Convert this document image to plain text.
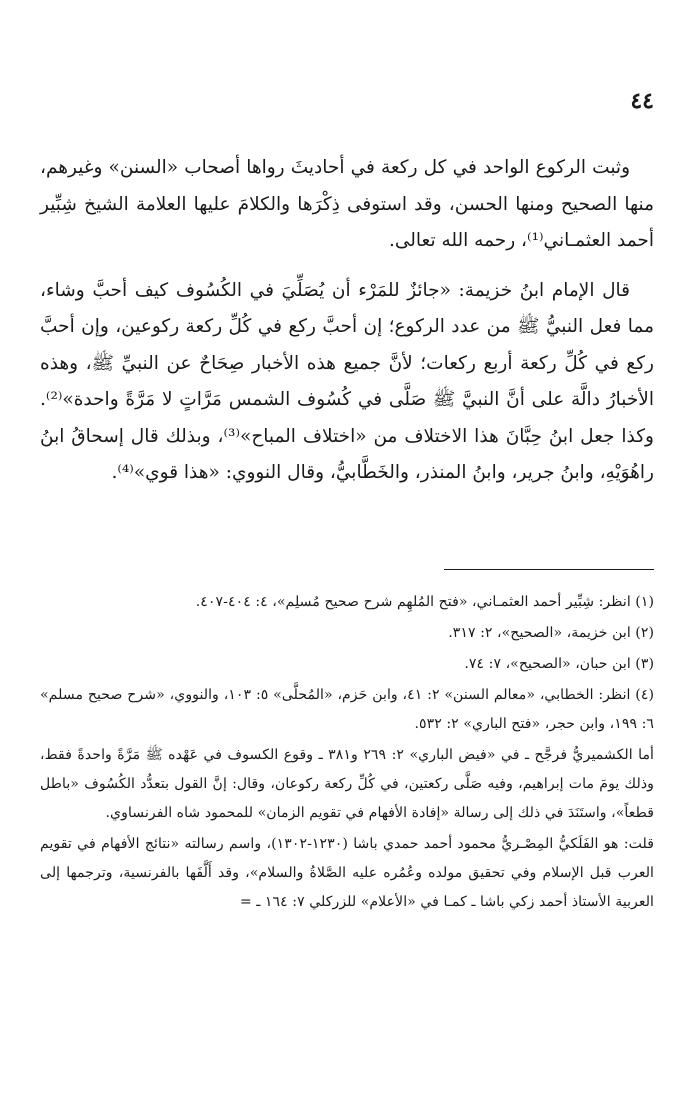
٤٤

وثبت الركوع الواحد في كل ركعة في أحاديثَ رواها أصحاب «السنن» وغيرهم، منها الصحيح ومنها الحسن، وقد استوفى ذِكْرَها والكلامَ عليها العلامة الشيخ شِبِّير أحمد العثمـاني⁽¹⁾، رحمه الله تعالى.

قال الإمام ابنُ خزيمة: «جائزٌ للمَرْء أن يُصَلِّيَ في الكُسُوف كيف أحبَّ وشاء، مما فعل النبيُّ ﷺ من عدد الركوع؛ إن أحبَّ ركع في كُلِّ ركعة ركوعين، وإن أحبَّ ركع في كُلِّ ركعة أربع ركعات؛ لأنَّ جميع هذه الأخبار صِحَاحٌ عن النبيِّ ﷺ، وهذه الأخبارُ دالَّة على أنَّ النبيَّ ﷺ صَلَّى في كُسُوف الشمس مَرَّاتٍ لا مَرَّةً واحدة»⁽²⁾. وكذا جعل ابنُ حِبَّانَ هذا الاختلاف من «اختلاف المباح»⁽³⁾، وبذلك قال إسحاقُ ابنُ راهُوَيْهِ، وابنُ جرير، وابنُ المنذر، والخَطَّابيُّ، وقال النووي: «هذا قوي»⁽⁴⁾.

(١) انظر: شِبِّير أحمد العثمـاني، «فتح المُلهِم شرح صحيح مُسلِم»، ٤: ٤٠٤-٤٠٧.

(٢) ابن خزيمة، «الصحيح»، ٢: ٣١٧.

(٣) ابن حبان، «الصحيح»، ٧: ٧٤.

(٤) انظر: الخطابي، «معالم السنن» ٢: ٤١، وابن حَزم، «المُحلَّى» ٥: ١٠٣، والنووي، «شرح صحيح مسلم» ٦: ١٩٩، وابن حجر، «فتح الباري» ٢: ٥٣٢.

أما الكشميريُّ فرجَّح ـ في «فيض الباري» ٢: ٢٦٩ و٣٨١ ـ وقوع الكسوف في عَهْده ﷺ مَرَّةً واحدةً فقط، وذلك يومَ مات إبراهيم، وفيه صَلَّى ركعتين، في كُلِّ ركعة ركوعان، وقال: إنَّ القول بتعدُّد الكُسُوف «باطل قطعاً»، واستَنَدَ في ذلك إلى رسالة «إفادة الأفهام في تقويم الزمان» للمحمود شاه الفرنساوي.

قلت: هو الفَلَكيُّ المِصْـريُّ محمود أحمد حمدي باشا (١٢٣٠-١٣٠٢)، واسم رسالته «نتائج الأفهام في تقويم العرب قبل الإسلام وفي تحقيق مولده وعُمُره عليه الصَّلاةُ والسلام»، وقد أَلَّفَها بالفرنسية، وترجمها إلى العربية الأستاذ أحمد زكي باشا ـ كمـا في «الأعلام» للزركلي ٧: ١٦٤ ـ =
